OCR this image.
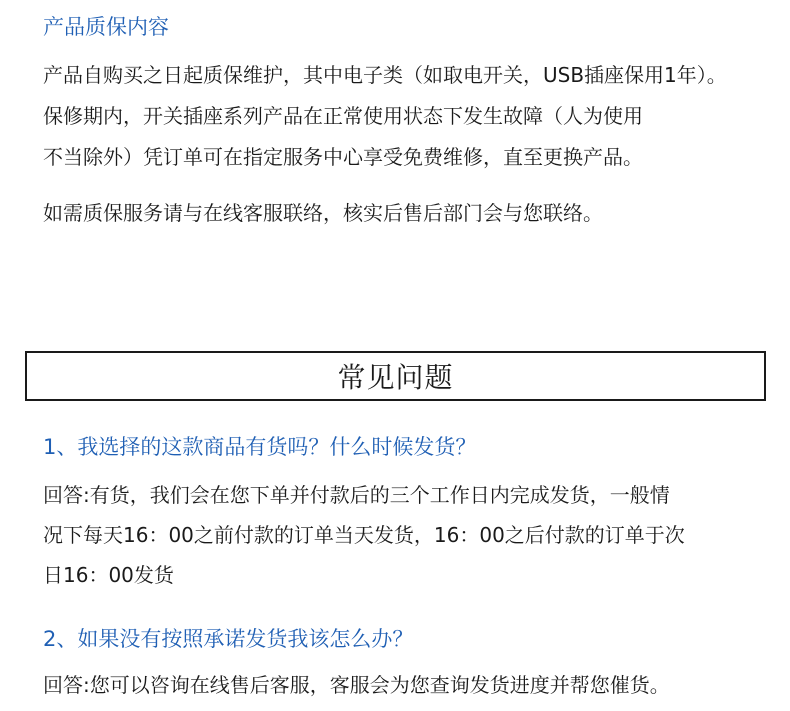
产品质保内容

产品自购买之日起质保维护，其中电子类（如取电开关，USB插座保用1年）。
保修期内，开关插座系列产品在正常使用状态下发生故障（人为使用
不当除外）凭订单可在指定服务中心享受免费维修，直至更换产品。

如需质保服务请与在线客服联络，核实后售后部门会与您联络。

常见问题
1、我选择的这款商品有货吗？什么时候发货？

回答:有货，我们会在您下单并付款后的三个工作日内完成发货，一般情
况下每天16：00之前付款的订单当天发货，16：00之后付款的订单于次
日16：00发货

2、如果没有按照承诺发货我该怎么办？

回答:您可以咨询在线售后客服，客服会为您查询发货进度并帮您催货。
